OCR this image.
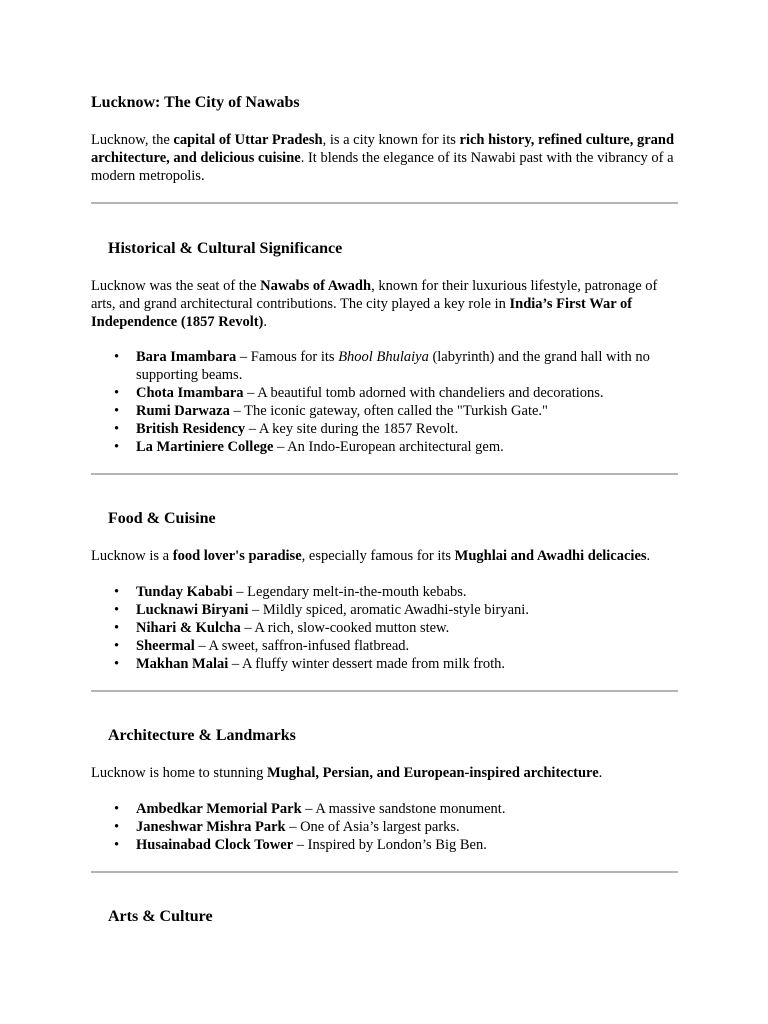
Lucknow: The City of Nawabs

Lucknow, the capital of Uttar Pradesh, is a city known for its rich history, refined culture, grand architecture, and delicious cuisine. It blends the elegance of its Nawabi past with the vibrancy of a modern metropolis.

Historical & Cultural Significance

Lucknow was the seat of the Nawabs of Awadh, known for their luxurious lifestyle, patronage of arts, and grand architectural contributions. The city played a key role in India’s First War of Independence (1857 Revolt).

• Bara Imambara – Famous for its Bhool Bhulaiya (labyrinth) and the grand hall with no supporting beams.
• Chota Imambara – A beautiful tomb adorned with chandeliers and decorations.
• Rumi Darwaza – The iconic gateway, often called the "Turkish Gate."
• British Residency – A key site during the 1857 Revolt.
• La Martiniere College – An Indo-European architectural gem.
Food & Cuisine

Lucknow is a food lover's paradise, especially famous for its Mughlai and Awadhi delicacies.

• Tunday Kababi – Legendary melt-in-the-mouth kebabs.
• Lucknawi Biryani – Mildly spiced, aromatic Awadhi-style biryani.
• Nihari & Kulcha – A rich, slow-cooked mutton stew.
• Sheermal – A sweet, saffron-infused flatbread.
• Makhan Malai – A fluffy winter dessert made from milk froth.
Architecture & Landmarks

Lucknow is home to stunning Mughal, Persian, and European-inspired architecture.

• Ambedkar Memorial Park – A massive sandstone monument.
• Janeshwar Mishra Park – One of Asia’s largest parks.
• Husainabad Clock Tower – Inspired by London’s Big Ben.
Arts & Culture
